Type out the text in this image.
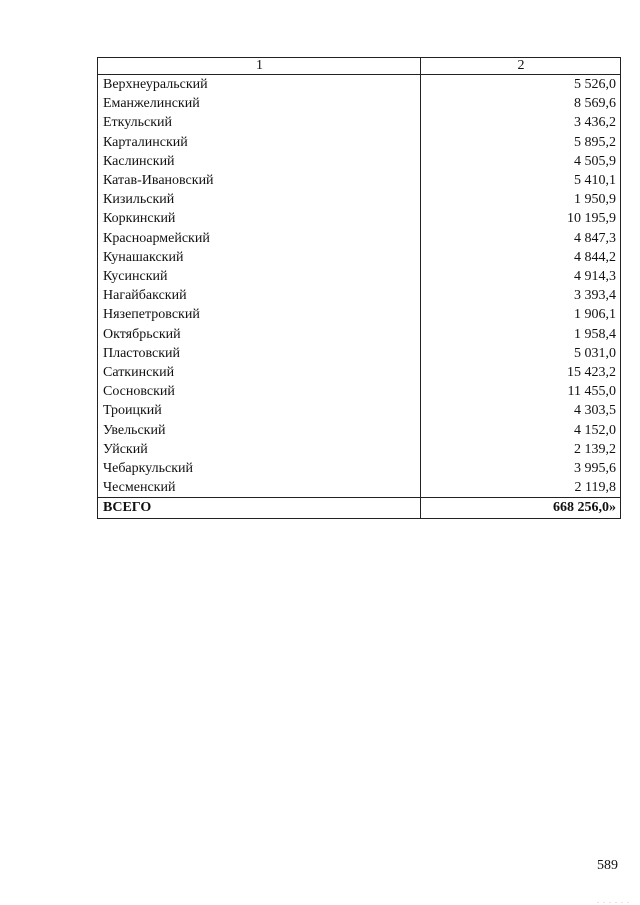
1	2
Верхнеуральский	5 526,0
Еманжелинский	8 569,6
Еткульский	3 436,2
Карталинский	5 895,2
Каслинский	4 505,9
Катав-Ивановский	5 410,1
Кизильский	1 950,9
Коркинский	10 195,9
Красноармейский	4 847,3
Кунашакский	4 844,2
Кусинский	4 914,3
Нагайбакский	3 393,4
Нязепетровский	1 906,1
Октябрьский	1 958,4
Пластовский	5 031,0
Саткинский	15 423,2
Сосновский	11 455,0
Троицкий	4 303,5
Увельский	4 152,0
Уйский	2 139,2
Чебаркульский	3 995,6
Чесменский	2 119,8
ВСЕГО	668 256,0»
589
. . . . . .
